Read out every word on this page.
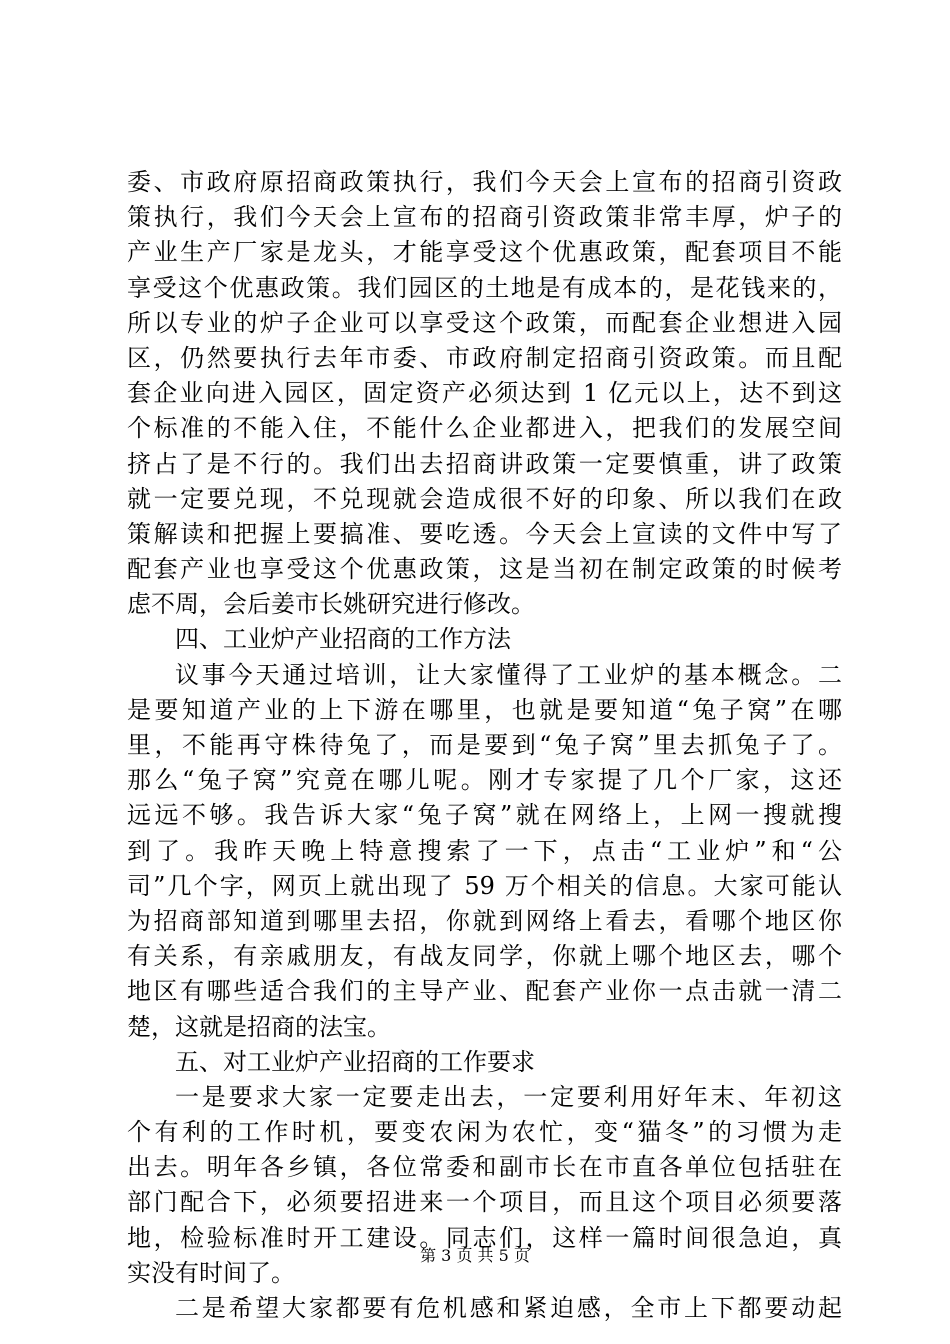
委、市政府原招商政策执行，我们今天会上宣布的招商引资政
策执行，我们今天会上宣布的招商引资政策非常丰厚，炉子的
产业生产厂家是龙头，才能享受这个优惠政策，配套项目不能
享受这个优惠政策。我们园区的土地是有成本的，是花钱来的，
所以专业的炉子企业可以享受这个政策，而配套企业想进入园
区，仍然要执行去年市委、市政府制定招商引资政策。而且配
套企业向进入园区，固定资产必须达到 1 亿元以上，达不到这
个标准的不能入住，不能什么企业都进入，把我们的发展空间
挤占了是不行的。我们出去招商讲政策一定要慎重，讲了政策
就一定要兑现，不兑现就会造成很不好的印象、所以我们在政
策解读和把握上要搞准、要吃透。今天会上宣读的文件中写了
配套产业也享受这个优惠政策，这是当初在制定政策的时候考
虑不周，会后姜市长姚研究进行修改。
四、工业炉产业招商的工作方法
议事今天通过培训，让大家懂得了工业炉的基本概念。二
是要知道产业的上下游在哪里，也就是要知道“兔子窝”在哪
里，不能再守株待兔了，而是要到“兔子窝”里去抓兔子了。
那么“兔子窝”究竟在哪儿呢。刚才专家提了几个厂家，这还
远远不够。我告诉大家“兔子窝”就在网络上，上网一搜就搜
到了。我昨天晚上特意搜索了一下，点击“工业炉”和“公
司”几个字，网页上就出现了 59 万个相关的信息。大家可能认
为招商部知道到哪里去招，你就到网络上看去，看哪个地区你
有关系，有亲戚朋友，有战友同学，你就上哪个地区去，哪个
地区有哪些适合我们的主导产业、配套产业你一点击就一清二
楚，这就是招商的法宝。
五、对工业炉产业招商的工作要求
一是要求大家一定要走出去，一定要利用好年末、年初这
个有利的工作时机，要变农闲为农忙，变“猫冬”的习惯为走
出去。明年各乡镇，各位常委和副市长在市直各单位包括驻在
部门配合下，必须要招进来一个项目，而且这个项目必须要落
地，检验标准时开工建设。同志们，这样一篇时间很急迫，真
实没有时间了。
二是希望大家都要有危机感和紧迫感，全市上下都要动起
第 3 页 共 5 页
